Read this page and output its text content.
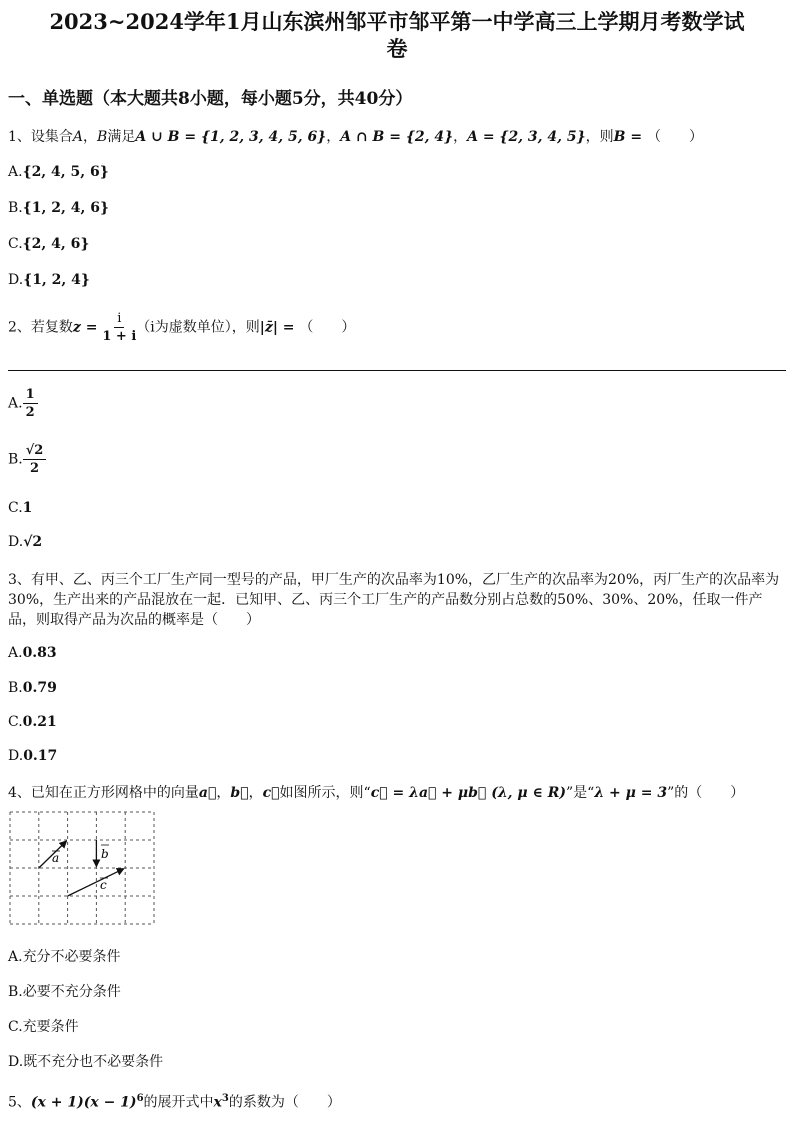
2023~2024学年1月山东滨州邹平市邹平第一中学高三上学期月考数学试
卷
一、单选题（本大题共8小题，每小题5分，共40分）
1、设集合A，B满足A ∪ B = {1, 2, 3, 4, 5, 6}，A ∩ B = {2, 4}，A = {2, 3, 4, 5}，则B = （　　）
A.{2, 4, 5, 6}
B.{1, 2, 4, 6}
C.{2, 4, 6}
D.{1, 2, 4}
2、若复数$z = \frac{i}{1 + i} (i$为虚数单位），则|z̄| = （　　）
A. $\frac{1}{2}$
B. $\frac{√2}{2}$
C.1
D.√2
3、有甲、乙、丙三个工厂生产同一型号的产品，甲厂生产的次品率为10%，乙厂生产的次品率为20%，丙厂生产的次品率为30%，生产出来的产品混放在一起．已知甲、乙、丙三个工厂生产的产品数分别占总数的50%、30%、20%，任取一件产品，则取得产品为次品的概率是（　　）
A.0.83
B.0.79
C.0.21
D.0.17
4、已知在正方形网格中的向量a⃗，b⃗，c⃗如图所示，则“c⃗ = λa⃗ + μb⃗ (λ, μ ∈ R)”是“λ + μ = 3”的（　　）
a	b
c
A.充分不必要条件
B.必要不充分条件
C.充要条件
D.既不充分也不必要条件
5、$(x + 1)(x - 1)^6$的展开式中$x^3$的系数为（　　）
